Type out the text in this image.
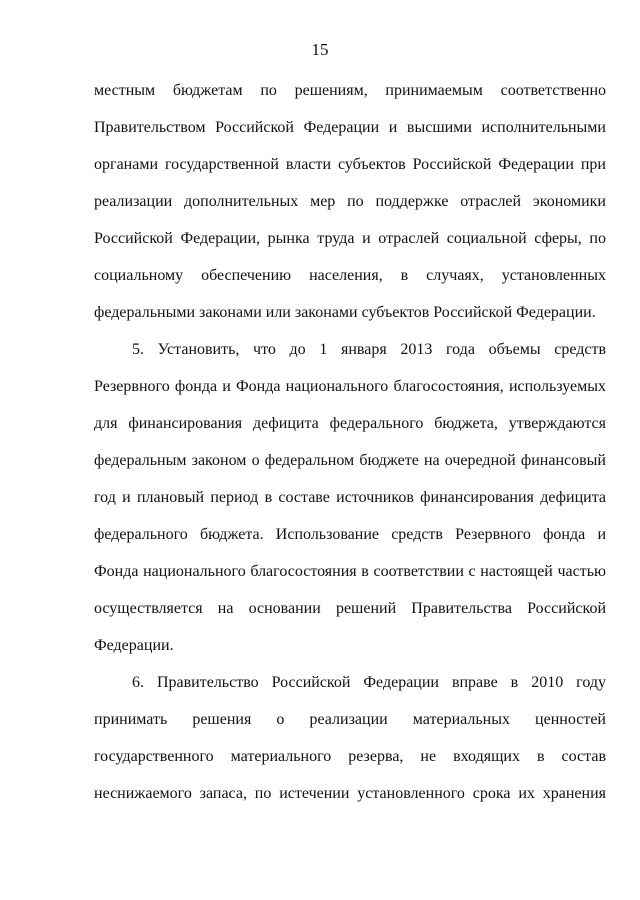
15
местным бюджетам по решениям, принимаемым соответственно
Правительством Российской Федерации и высшими исполнительными
органами государственной власти субъектов Российской Федерации при
реализации дополнительных мер по поддержке отраслей экономики
Российской Федерации, рынка труда и отраслей социальной сферы, по
социальному обеспечению населения, в случаях, установленных
федеральными законами или законами субъектов Российской Федерации.
5. Установить, что до 1 января 2013 года объемы средств
Резервного фонда и Фонда национального благосостояния, используемых
для финансирования дефицита федерального бюджета, утверждаются
федеральным законом о федеральном бюджете на очередной финансовый
год и плановый период в составе источников финансирования дефицита
федерального бюджета. Использование средств Резервного фонда и
Фонда национального благосостояния в соответствии с настоящей частью
осуществляется на основании решений Правительства Российской
Федерации.
6. Правительство Российской Федерации вправе в 2010 году
принимать решения о реализации материальных ценностей
государственного материального резерва, не входящих в состав
неснижаемого запаса, по истечении установленного срока их хранения
